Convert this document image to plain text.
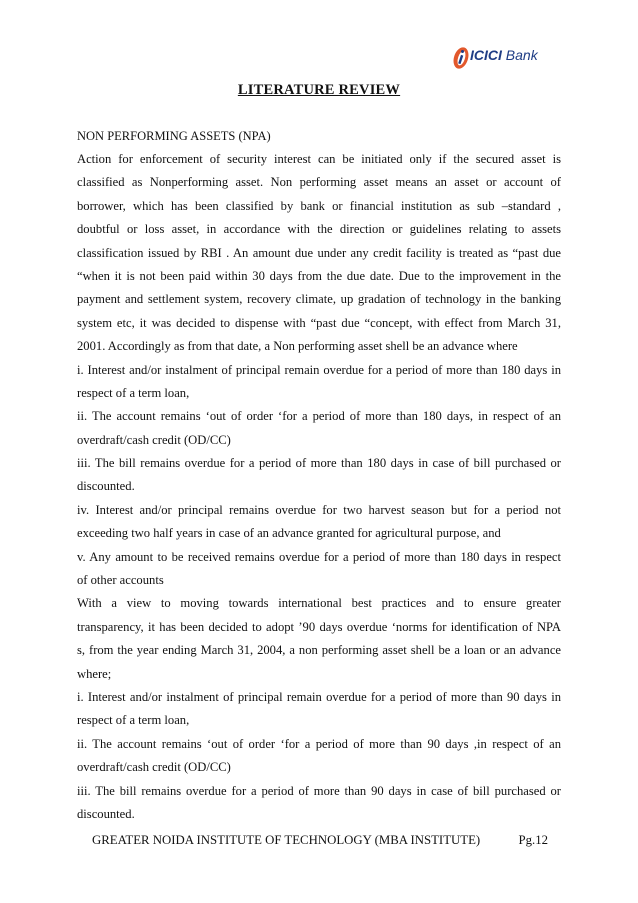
ICICI Bank
LITERATURE REVIEW
NON PERFORMING ASSETS (NPA)
Action for enforcement of security interest can be initiated only if the secured asset is
classified as Nonperforming asset. Non performing asset means an asset or account of
borrower, which has been classified by bank or financial institution as sub –standard ,
doubtful or loss asset, in accordance with the direction or guidelines relating to assets
classification issued by RBI . An amount due under any credit facility is treated as “past due
“when it is not been paid within 30 days from the due date. Due to the improvement in the
payment and settlement system, recovery climate, up gradation of technology in the banking
system etc, it was decided to dispense with “past due “concept, with effect from March 31,
2001. Accordingly as from that date, a Non performing asset shell be an advance where
i. Interest and/or instalment of principal remain overdue for a period of more than 180 days in
respect of a term loan,
ii. The account remains ‘out of order ‘for a period of more than 180 days, in respect of an
overdraft/cash credit (OD/CC)
iii. The bill remains overdue for a period of more than 180 days in case of bill purchased or
discounted.
iv. Interest and/or principal remains overdue for two harvest season but for a period not
exceeding two half years in case of an advance granted for agricultural purpose, and
v. Any amount to be received remains overdue for a period of more than 180 days in respect
of other accounts
With a view to moving towards international best practices and to ensure greater
transparency, it has been decided to adopt ’90 days overdue ‘norms for identification of NPA
s, from the year ending March 31, 2004, a non performing asset shell be a loan or an advance
where;
i. Interest and/or instalment of principal remain overdue for a period of more than 90 days in
respect of a term loan,
ii. The account remains ‘out of order ‘for a period of more than 90 days ,in respect of an
overdraft/cash credit (OD/CC)
iii. The bill remains overdue for a period of more than 90 days in case of bill purchased or
discounted.
GREATER NOIDA INSTITUTE OF TECHNOLOGY (MBA INSTITUTE)	Pg.12
